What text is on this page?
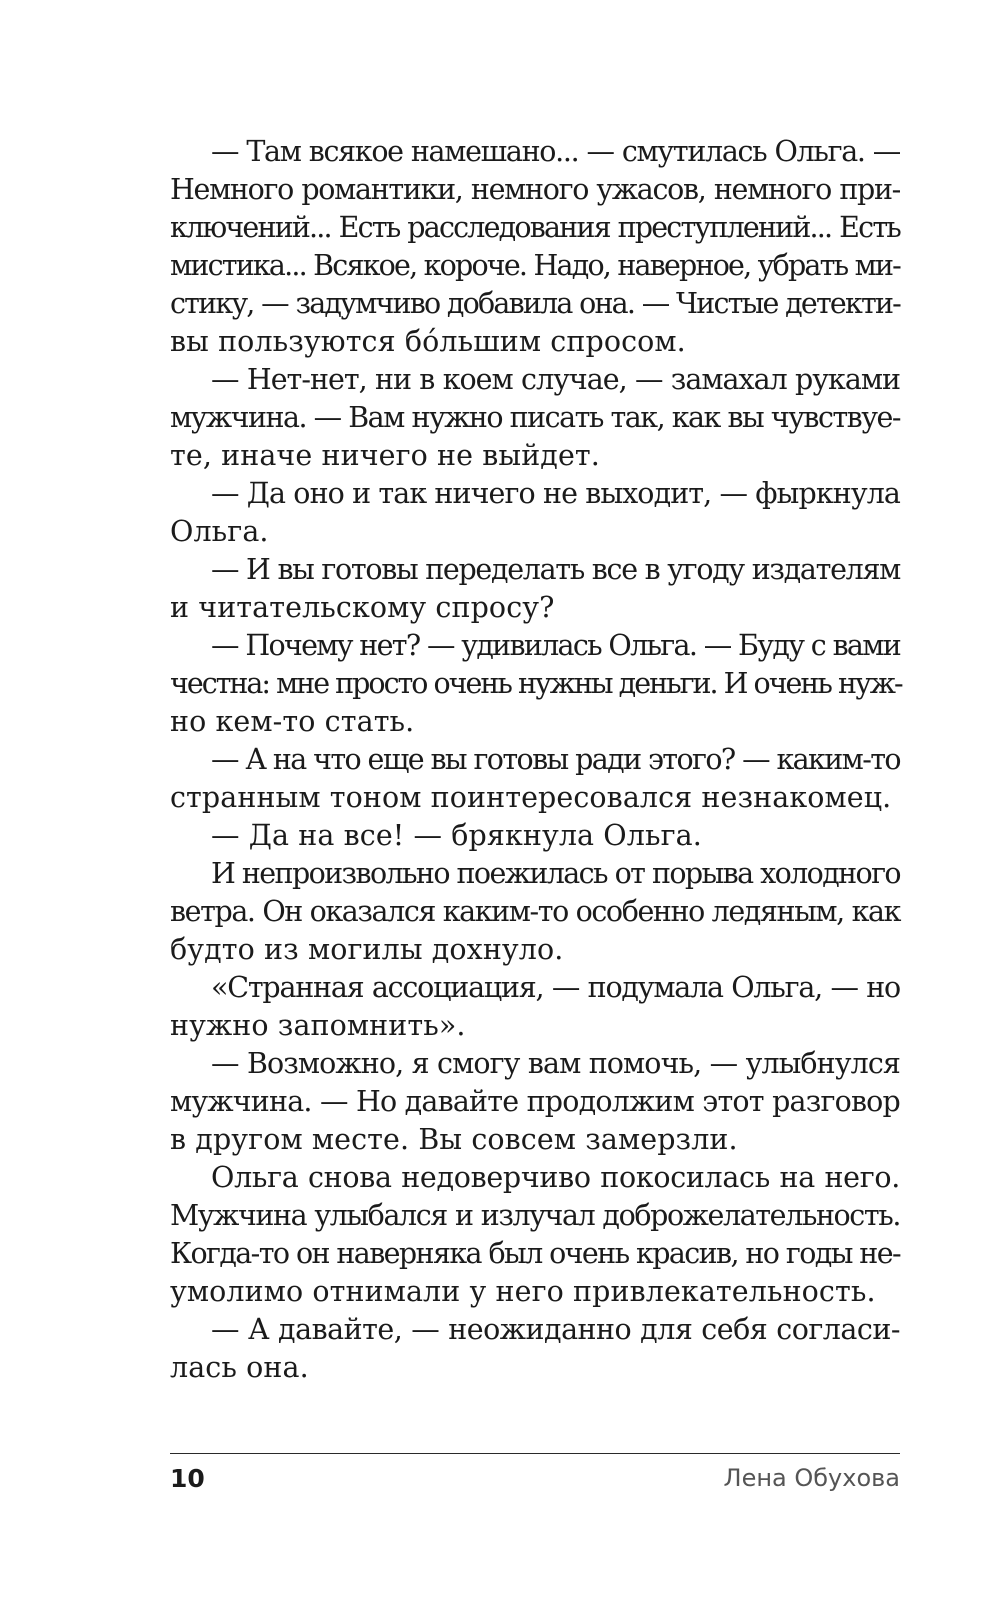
— Там всякое намешано... — смутилась Ольга. —
Немного романтики, немного ужасов, немного при-
ключений... Есть расследования преступлений... Есть
мистика... Всякое, короче. Надо, наверное, убрать ми-
стику, — задумчиво добавила она. — Чистые детекти-
вы пользуются бóльшим спросом.
— Нет-нет, ни в коем случае, — замахал руками
мужчина. — Вам нужно писать так, как вы чувствуе-
те, иначе ничего не выйдет.
— Да оно и так ничего не выходит, — фыркнула
Ольга.
— И вы готовы переделать все в угоду издателям
и читательскому спросу?
— Почему нет? — удивилась Ольга. — Буду с вами
честна: мне просто очень нужны деньги. И очень нуж-
но кем-то стать.
— А на что еще вы готовы ради этого? — каким-то
странным тоном поинтересовался незнакомец.
— Да на все! — брякнула Ольга.
И непроизвольно поежилась от порыва холодного
ветра. Он оказался каким-то особенно ледяным, как
будто из могилы дохнуло.
«Странная ассоциация, — подумала Ольга, — но
нужно запомнить».
— Возможно, я смогу вам помочь, — улыбнулся
мужчина. — Но давайте продолжим этот разговор
в другом месте. Вы совсем замерзли.
Ольга снова недоверчиво покосилась на него.
Мужчина улыбался и излучал доброжелательность.
Когда-то он наверняка был очень красив, но годы не-
умолимо отнимали у него привлекательность.
— А давайте, — неожиданно для себя согласи-
лась она.
10	Лена Обухова
